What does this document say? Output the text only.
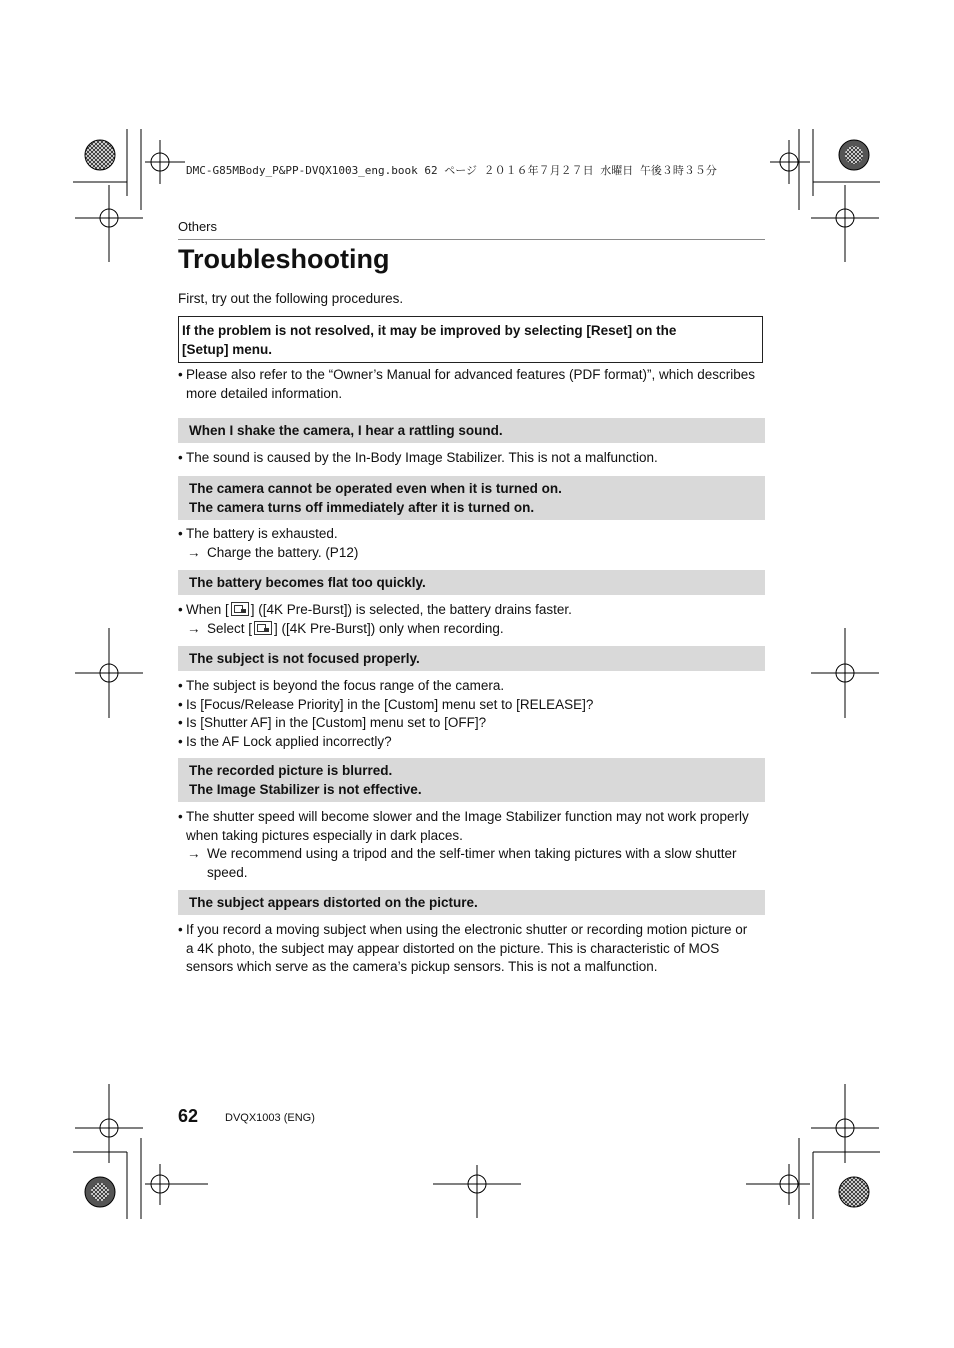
DMC-G85MBody_P&PP-DVQX1003_eng.book 62 ページ ２０１６年７月２７日 水曜日 午後３時３５分
Others
Troubleshooting
First, try out the following procedures.
If the problem is not resolved, it may be improved by selecting [Reset] on the
[Setup] menu.
• Please also refer to the “Owner’s Manual for advanced features (PDF format)”, which describes
more detailed information.
When I shake the camera, I hear a rattling sound.
• The sound is caused by the In-Body Image Stabilizer. This is not a malfunction.
The camera cannot be operated even when it is turned on.
The camera turns off immediately after it is turned on.
• The battery is exhausted.
→ Charge the battery. (P12)
The battery becomes flat too quickly.
• When [ ] ([4K Pre-Burst]) is selected, the battery drains faster.
→ Select [ ] ([4K Pre-Burst]) only when recording.
The subject is not focused properly.
• The subject is beyond the focus range of the camera.
• Is [Focus/Release Priority] in the [Custom] menu set to [RELEASE]?
• Is [Shutter AF] in the [Custom] menu set to [OFF]?
• Is the AF Lock applied incorrectly?
The recorded picture is blurred.
The Image Stabilizer is not effective.
• The shutter speed will become slower and the Image Stabilizer function may not work properly
when taking pictures especially in dark places.
→ We recommend using a tripod and the self-timer when taking pictures with a slow shutter
speed.
The subject appears distorted on the picture.
• If you record a moving subject when using the electronic shutter or recording motion picture or
a 4K photo, the subject may appear distorted on the picture. This is characteristic of MOS
sensors which serve as the camera’s pickup sensors. This is not a malfunction.
62 DVQX1003 (ENG)
